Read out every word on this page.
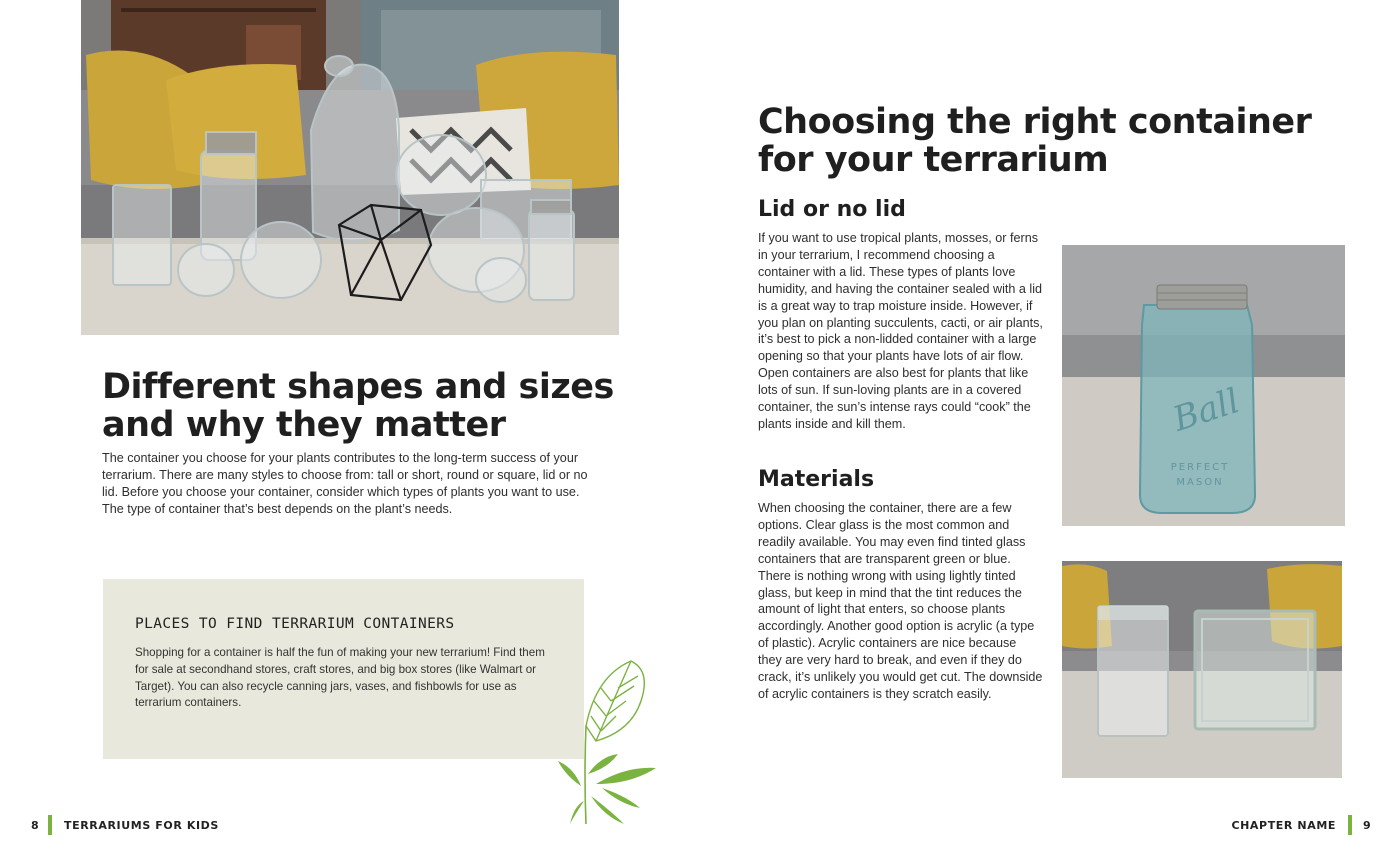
Different shapes and sizes and why they matter

The container you choose for your plants contributes to the long-term success of your terrarium. There are many styles to choose from: tall or short, round or square, lid or no lid. Before you choose your container, consider which types of plants you want to use. The type of container that’s best depends on the plant’s needs.

PLACES TO FIND TERRARIUM CONTAINERS

Shopping for a container is half the fun of making your new terrarium! Find them for sale at secondhand stores, craft stores, and big box stores (like Walmart or Target). You can also recycle canning jars, vases, and fishbowls for use as terrarium containers.

Choosing the right container for your terrarium
Lid or no lid

If you want to use tropical plants, mosses, or ferns in your terrarium, I recommend choosing a container with a lid. These types of plants love humidity, and having the container sealed with a lid is a great way to trap moisture inside. However, if you plan on planting succulents, cacti, or air plants, it’s best to pick a non-lidded container with a large opening so that your plants have lots of air flow. Open containers are also best for plants that like lots of sun. If sun-loving plants are in a covered container, the sun’s intense rays could “cook” the plants inside and kill them.

Materials

When choosing the container, there are a few options. Clear glass is the most common and readily available. You may even find tinted glass containers that are transparent green or blue. There is nothing wrong with using lightly tinted glass, but keep in mind that the tint reduces the amount of light that enters, so choose plants accordingly. Another good option is acrylic (a type of plastic). Acrylic containers are nice because they are very hard to break, and even if they do crack, it’s unlikely you would get cut. The downside of acrylic containers is they scratch easily.

Ball
PERFECT
MASON
8 TERRARIUMS FOR KIDS	CHAPTER NAME 9
